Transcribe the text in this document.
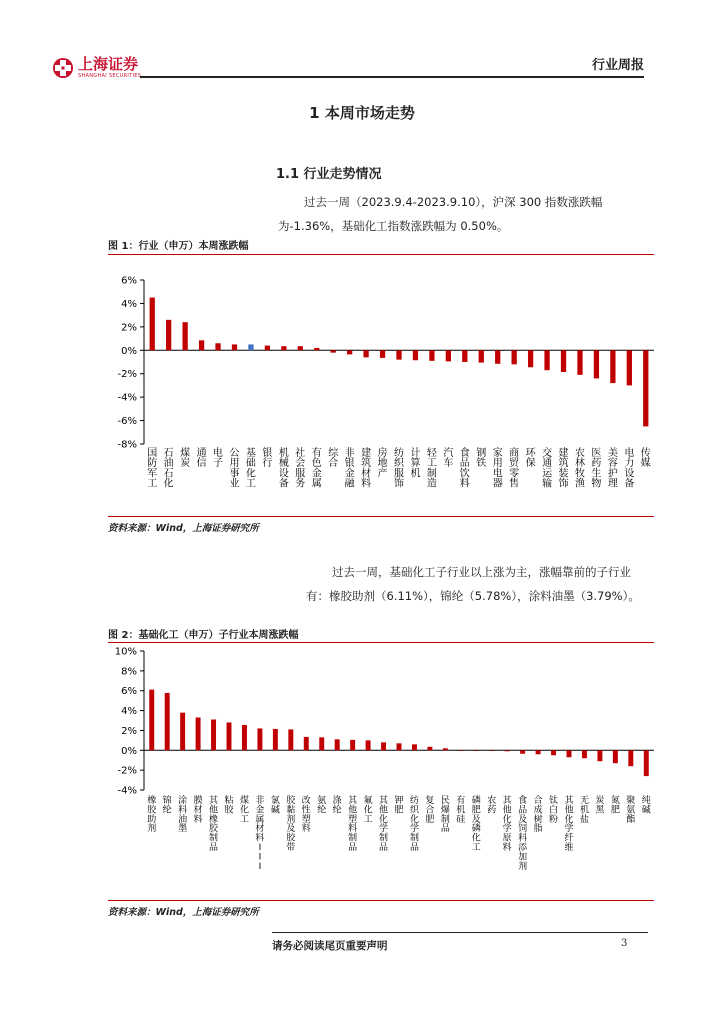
上海证券
SHANGHAI SECURITIES
行业周报
1 本周市场走势
1.1 行业走势情况
过去一周（2023.9.4-2023.9.10），沪深 300 指数涨跌幅为-1.36%，基础化工指数涨跌幅为 0.50%。
图 1：行业（申万）本周涨跌幅
6%
4%
2%
0%
-2%
-4%
-6%
-8%
国防军工
石油石化
煤炭
通信
电子
公用事业
基础化工
银行
机械设备
社会服务
有色金属
综合
非银金融
建筑材料
房地产
纺织服饰
计算机
轻工制造
汽车
食品饮料
钢铁
家用电器
商贸零售
环保
交通运输
建筑装饰
农林牧渔
医药生物
美容护理
电力设备
传媒
资料来源：Wind，上海证券研究所
过去一周，基础化工子行业以上涨为主，涨幅靠前的子行业有：橡胶助剂（6.11%），锦纶（5.78%），涂料油墨（3.79%）。
图 2：基础化工（申万）子行业本周涨跌幅
10%
8%
6%
4%
2%
0%
-2%
-4%
橡胶助剂
锦纶
涂料油墨
膜材料
其他橡胶制品
粘胶
煤化工
非金属材料 I I I
氯碱
胶黏剂及胶带
改性塑料
氨纶
涤纶
其他塑料制品
氟化工
其他化学制品
钾肥
纺织化学制品
复合肥
民爆制品
有机硅
磷肥及磷化工
农药
其他化学原料
食品及饲料添加剂
合成树脂
钛白粉
其他化学纤维
无机盐
炭黑
氮肥
聚氨酯
纯碱
资料来源：Wind，上海证券研究所
请务必阅读尾页重要声明	3
